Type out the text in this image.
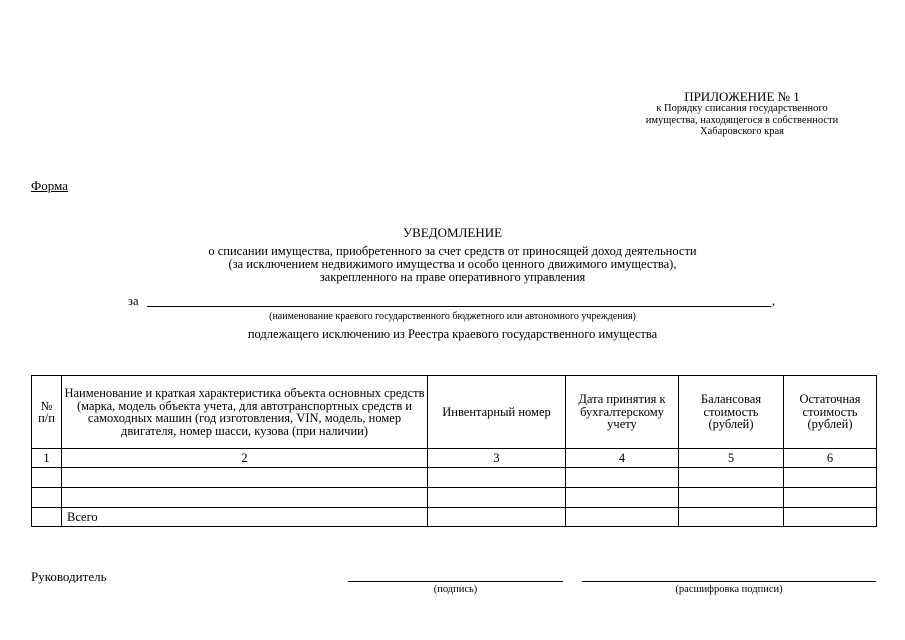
ПРИЛОЖЕНИЕ № 1
к Порядку списания государственного
имущества, находящегося в собственности
Хабаровского края
Форма
УВЕДОМЛЕНИЕ
о списании имущества, приобретенного за счет средств от приносящей доход деятельности
(за исключением недвижимого имущества и особо ценного движимого имущества),
закрепленного на праве оперативного управления
за	,
(наименование краевого государственного бюджетного или автономного учреждения)
подлежащего исключению из Реестра краевого государственного имущества
№ п/п	Наименование и краткая характеристика объекта основных средств (марка, модель объекта учета, для автотранспортных средств и самоходных машин (год изготовления, VIN, модель, номер двигателя, номер шасси, кузова (при наличии)	Инвентарный номер	Дата принятия к бухгалтерскому учету	Балансовая стоимость (рублей)	Остаточная стоимость (рублей)
1	2	3	4	5	6

	Всего				
Руководитель
(подпись)	(расшифровка подписи)
